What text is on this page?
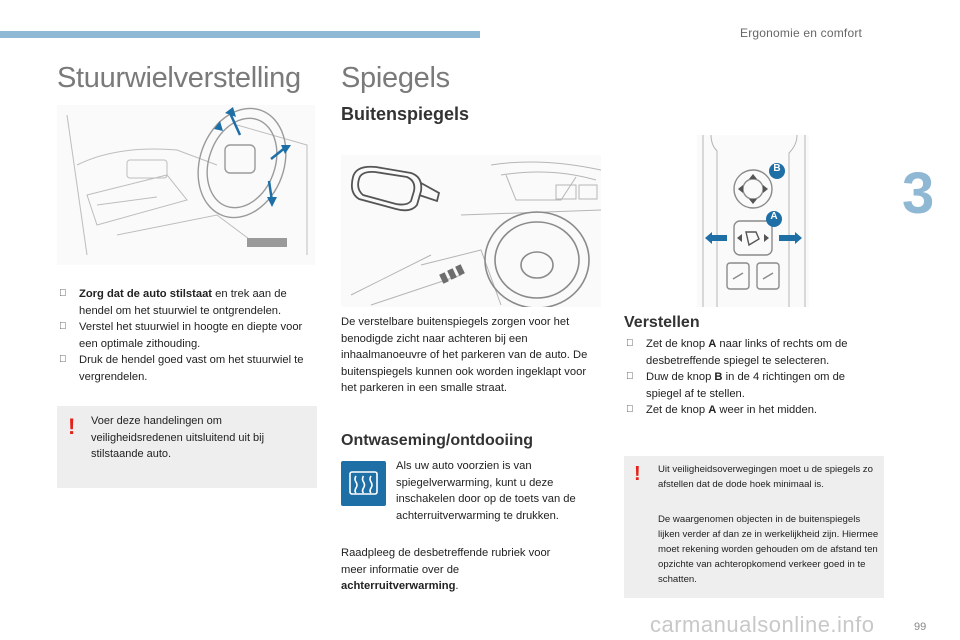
Ergonomie en comfort
3
Stuurwielverstelling
Zorg dat de auto stilstaat en trek aan de hendel om het stuurwiel te ontgrendelen.
Verstel het stuurwiel in hoogte en diepte voor een optimale zithouding.
Druk de hendel goed vast om het stuurwiel te vergrendelen.
! Voer deze handelingen om veiligheidsredenen uitsluitend uit bij stilstaande auto.
Spiegels
Buitenspiegels
De verstelbare buitenspiegels zorgen voor het benodigde zicht naar achteren bij een inhaalmanoeuvre of het parkeren van de auto. De buitenspiegels kunnen ook worden ingeklapt voor het parkeren in een smalle straat.
Ontwaseming/ontdooiing
Als uw auto voorzien is van spiegelverwarming, kunt u deze inschakelen door op de toets van de achterruitverwarming te drukken.
Raadpleeg de desbetreffende rubriek voor meer informatie over de achterruitverwarming.
B
A
Verstellen
Zet de knop A naar links of rechts om de desbetreffende spiegel te selecteren.
Duw de knop B in de 4 richtingen om de spiegel af te stellen.
Zet de knop A weer in het midden.
! Uit veiligheidsoverwegingen moet u de spiegels zo afstellen dat de dode hoek minimaal is.
De waargenomen objecten in de buitenspiegels lijken verder af dan ze in werkelijkheid zijn. Hiermee moet rekening worden gehouden om de afstand ten opzichte van achteropkomend verkeer goed in te schatten.
carmanualsonline.info	99
